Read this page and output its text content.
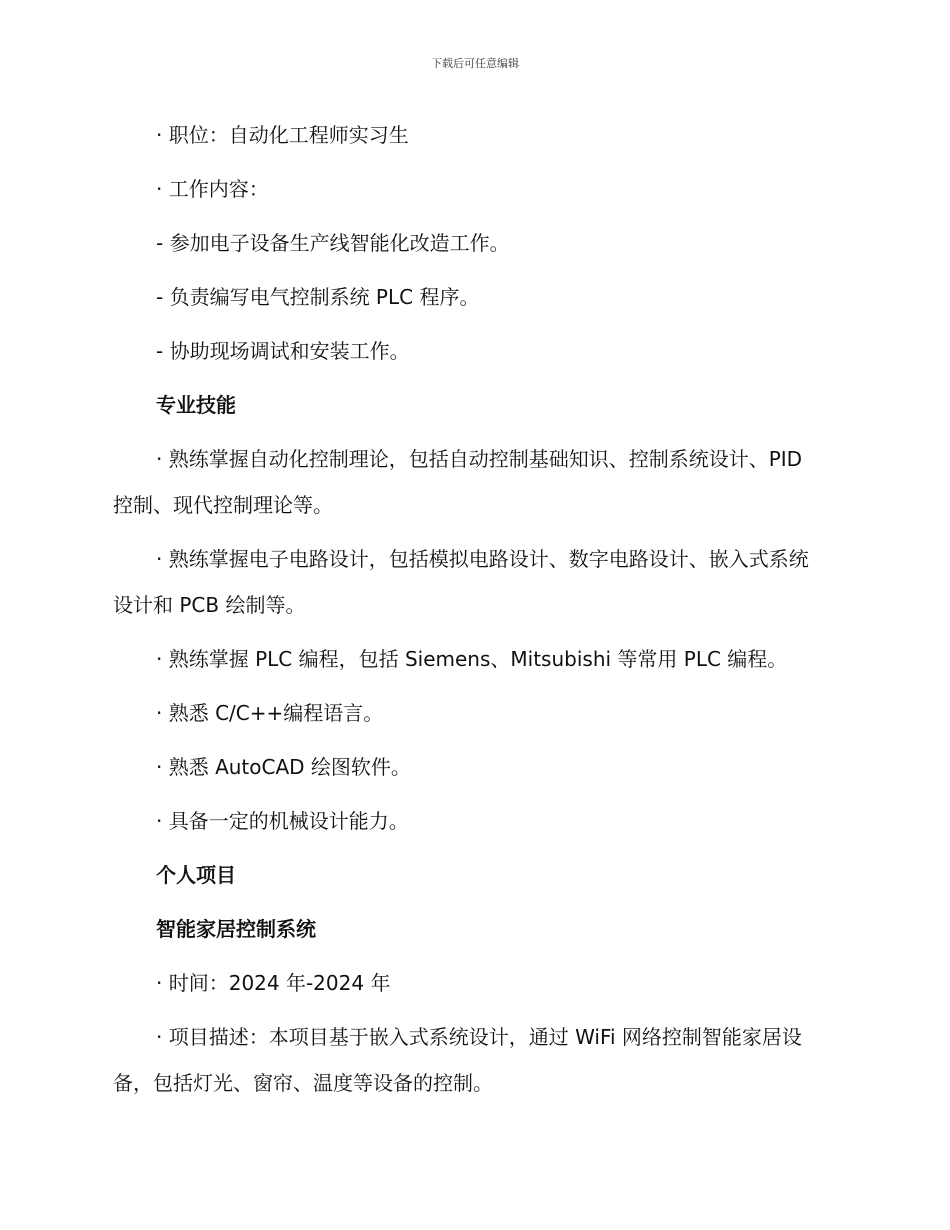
下载后可任意编辑

· 职位：自动化工程师实习生

· 工作内容：

- 参加电子设备生产线智能化改造工作。

- 负责编写电气控制系统 PLC 程序。

- 协助现场调试和安装工作。

专业技能

· 熟练掌握自动化控制理论，包括自动控制基础知识、控制系统设计、PID 控制、现代控制理论等。

· 熟练掌握电子电路设计，包括模拟电路设计、数字电路设计、嵌入式系统设计和 PCB 绘制等。

· 熟练掌握 PLC 编程，包括 Siemens、Mitsubishi 等常用 PLC 编程。

· 熟悉 C/C++编程语言。

· 熟悉 AutoCAD 绘图软件。

· 具备一定的机械设计能力。

个人项目

智能家居控制系统

· 时间：2024 年-2024 年

· 项目描述：本项目基于嵌入式系统设计，通过 WiFi 网络控制智能家居设备，包括灯光、窗帘、温度等设备的控制。
